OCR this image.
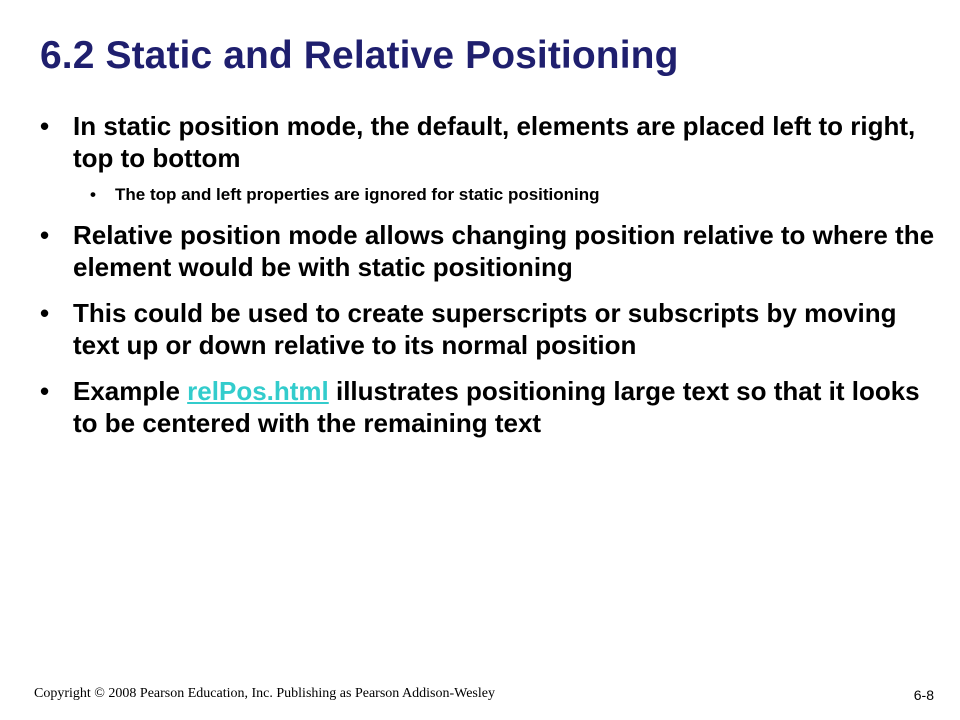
6.2 Static and Relative Positioning
• In static position mode, the default, elements are placed left to right, top to bottom
• The top and left properties are ignored for static positioning
• Relative position mode allows changing position relative to where the element would be with static positioning
• This could be used to create superscripts or subscripts by moving text up or down relative to its normal position
• Example relPos.html illustrates positioning large text so that it looks to be centered with the remaining text
Copyright © 2008 Pearson Education, Inc. Publishing as Pearson Addison-Wesley	6-8
